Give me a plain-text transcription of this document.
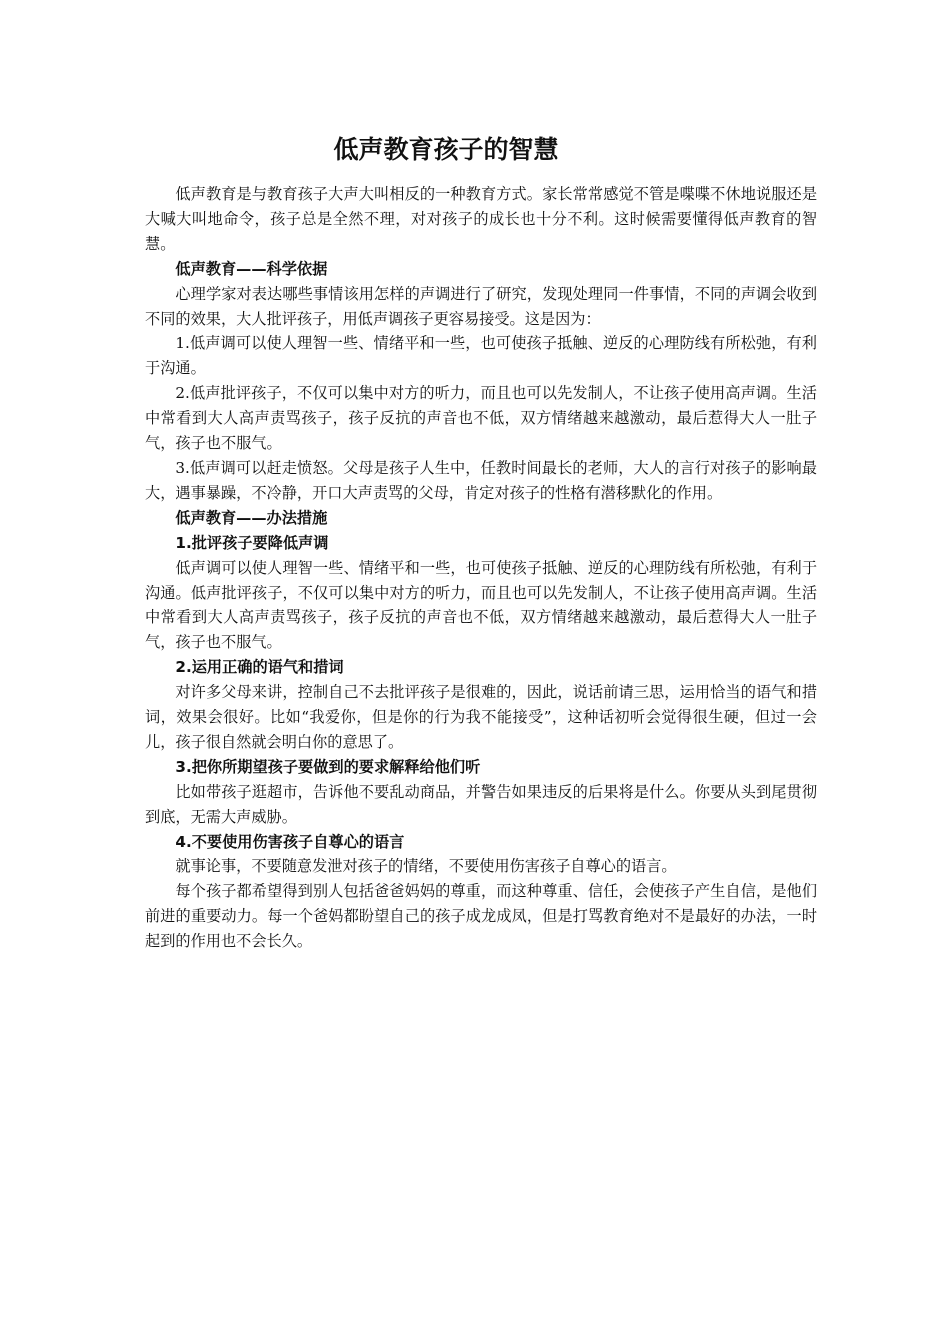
低声教育孩子的智慧

低声教育是与教育孩子大声大叫相反的一种教育方式。家长常常感觉不管是喋喋不休地说服还是大喊大叫地命令，孩子总是全然不理，对对孩子的成长也十分不利。这时候需要懂得低声教育的智慧。

低声教育——科学依据

心理学家对表达哪些事情该用怎样的声调进行了研究，发现处理同一件事情，不同的声调会收到不同的效果，大人批评孩子，用低声调孩子更容易接受。这是因为：

1.低声调可以使人理智一些、情绪平和一些，也可使孩子抵触、逆反的心理防线有所松弛，有利于沟通。

2.低声批评孩子，不仅可以集中对方的听力，而且也可以先发制人，不让孩子使用高声调。生活中常看到大人高声责骂孩子，孩子反抗的声音也不低，双方情绪越来越激动，最后惹得大人一肚子气，孩子也不服气。

3.低声调可以赶走愤怒。父母是孩子人生中，任教时间最长的老师，大人的言行对孩子的影响最大，遇事暴躁，不冷静，开口大声责骂的父母，肯定对孩子的性格有潜移默化的作用。

低声教育——办法措施

1.批评孩子要降低声调

低声调可以使人理智一些、情绪平和一些，也可使孩子抵触、逆反的心理防线有所松弛，有利于沟通。低声批评孩子，不仅可以集中对方的听力，而且也可以先发制人，不让孩子使用高声调。生活中常看到大人高声责骂孩子，孩子反抗的声音也不低，双方情绪越来越激动，最后惹得大人一肚子气，孩子也不服气。

2.运用正确的语气和措词

对许多父母来讲，控制自己不去批评孩子是很难的，因此，说话前请三思，运用恰当的语气和措词，效果会很好。比如“我爱你，但是你的行为我不能接受”，这种话初听会觉得很生硬，但过一会儿，孩子很自然就会明白你的意思了。

3.把你所期望孩子要做到的要求解释给他们听

比如带孩子逛超市，告诉他不要乱动商品，并警告如果违反的后果将是什么。你要从头到尾贯彻到底，无需大声威胁。

4.不要使用伤害孩子自尊心的语言

就事论事，不要随意发泄对孩子的情绪，不要使用伤害孩子自尊心的语言。

每个孩子都希望得到别人包括爸爸妈妈的尊重，而这种尊重、信任，会使孩子产生自信，是他们前进的重要动力。每一个爸妈都盼望自己的孩子成龙成凤，但是打骂教育绝对不是最好的办法，一时起到的作用也不会长久。
